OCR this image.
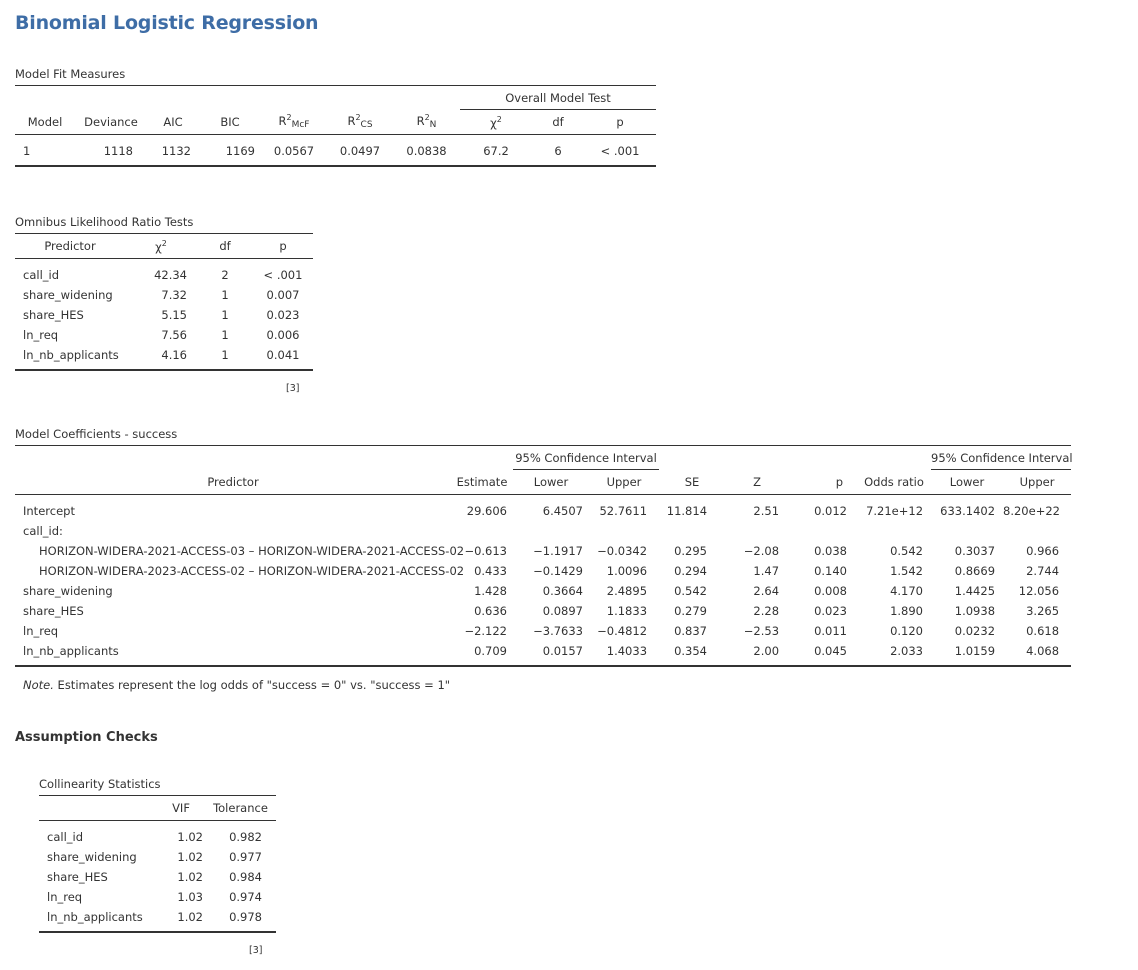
Binomial Logistic Regression
Model Fit Measures
							Overall Model Test		
Model	Deviance	AIC	BIC	$R^2_{McF}$	$R^2_{CS}$	$R^2_N$	$\chi^2$	df	p
1	1118	1132	1169	0.0567	0.0497	0.0838	67.2	6	< .001
Omnibus Likelihood Ratio Tests
Predictor	$\chi^2$	df	p
call_id	42.34	2	< .001
share_widening	7.32	1	0.007
share_HES	5.15	1	0.023
ln_req	7.56	1	0.006
ln_nb_applicants	4.16	1	0.041
[3]
Model Coefficients - success
		95% Confidence Interval						95% Confidence Interval	
Predictor	Estimate	Lower	Upper	SE	Z	p	Odds ratio	Lower	Upper
Intercept	29.606	6.4507	52.7611	11.814	2.51	0.012	7.21e+12	633.1402	8.20e+22
call_id:									
HORIZON-WIDERA-2021-ACCESS-03 – HORIZON-WIDERA-2021-ACCESS-02	−0.613	−1.1917	−0.0342	0.295	−2.08	0.038	0.542	0.3037	0.966
HORIZON-WIDERA-2023-ACCESS-02 – HORIZON-WIDERA-2021-ACCESS-02	0.433	−0.1429	1.0096	0.294	1.47	0.140	1.542	0.8669	2.744
share_widening	1.428	0.3664	2.4895	0.542	2.64	0.008	4.170	1.4425	12.056
share_HES	0.636	0.0897	1.1833	0.279	2.28	0.023	1.890	1.0938	3.265
ln_req	−2.122	−3.7633	−0.4812	0.837	−2.53	0.011	0.120	0.0232	0.618
ln_nb_applicants	0.709	0.0157	1.4033	0.354	2.00	0.045	2.033	1.0159	4.068
Note. Estimates represent the log odds of "success = 0" vs. "success = 1"
Assumption Checks
Collinearity Statistics
	VIF	Tolerance
call_id	1.02	0.982
share_widening	1.02	0.977
share_HES	1.02	0.984
ln_req	1.03	0.974
ln_nb_applicants	1.02	0.978
[3]
